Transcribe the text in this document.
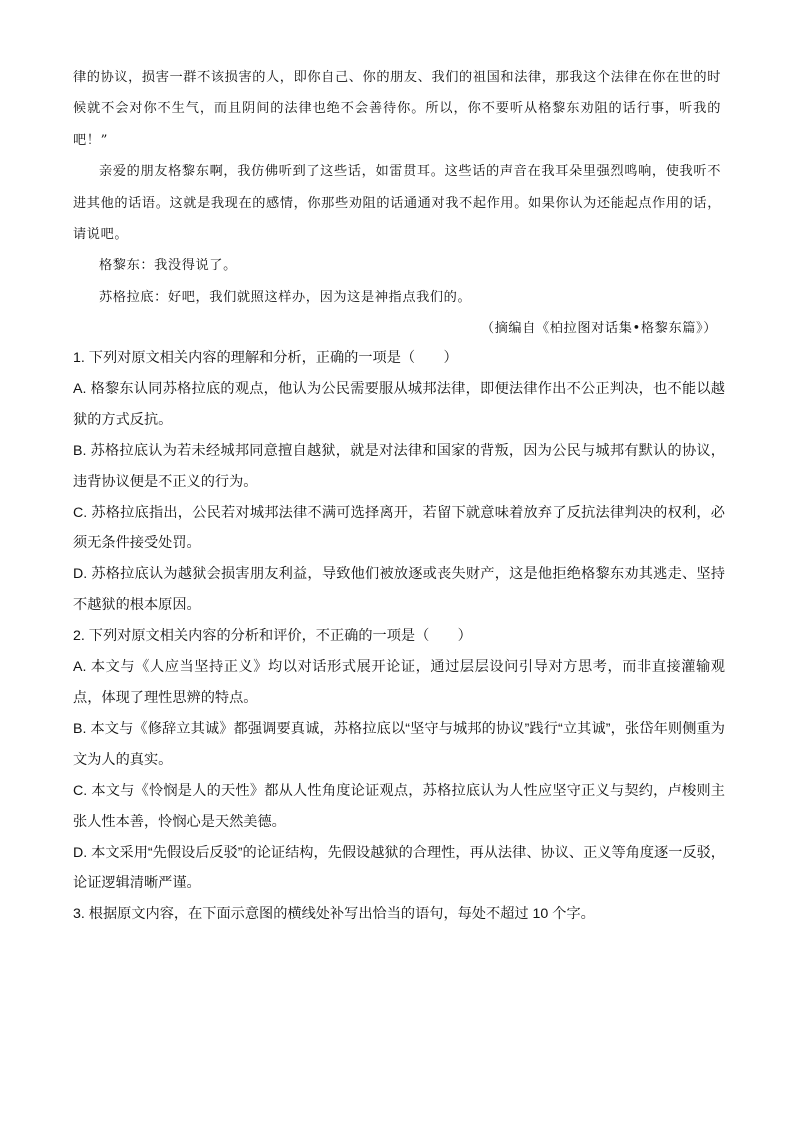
律的协议，损害一群不该损害的人，即你自己、你的朋友、我们的祖国和法律，那我这个法律在你在世的时候就不会对你不生气，而且阴间的法律也绝不会善待你。所以，你不要听从格黎东劝阻的话行事，听我的吧！”

亲爱的朋友格黎东啊，我仿佛听到了这些话，如雷贯耳。这些话的声音在我耳朵里强烈鸣响，使我听不进其他的话语。这就是我现在的感情，你那些劝阻的话通通对我不起作用。如果你认为还能起点作用的话，请说吧。

格黎东：我没得说了。

苏格拉底：好吧，我们就照这样办，因为这是神指点我们的。

（摘编自《柏拉图对话集•格黎东篇》）

1. 下列对原文相关内容的理解和分析，正确的一项是（　　）

A. 格黎东认同苏格拉底的观点，他认为公民需要服从城邦法律，即便法律作出不公正判决，也不能以越狱的方式反抗。

B. 苏格拉底认为若未经城邦同意擅自越狱，就是对法律和国家的背叛，因为公民与城邦有默认的协议，违背协议便是不正义的行为。

C. 苏格拉底指出，公民若对城邦法律不满可选择离开，若留下就意味着放弃了反抗法律判决的权利，必须无条件接受处罚。

D. 苏格拉底认为越狱会损害朋友利益，导致他们被放逐或丧失财产，这是他拒绝格黎东劝其逃走、坚持不越狱的根本原因。

2. 下列对原文相关内容的分析和评价，不正确的一项是（　　）

A. 本文与《人应当坚持正义》均以对话形式展开论证，通过层层设问引导对方思考，而非直接灌输观点，体现了理性思辨的特点。

B. 本文与《修辞立其诚》都强调要真诚，苏格拉底以“坚守与城邦的协议”践行“立其诚”，张岱年则侧重为文为人的真实。

C. 本文与《怜悯是人的天性》都从人性角度论证观点，苏格拉底认为人性应坚守正义与契约，卢梭则主张人性本善，怜悯心是天然美德。

D. 本文采用“先假设后反驳”的论证结构，先假设越狱的合理性，再从法律、协议、正义等角度逐一反驳，论证逻辑清晰严谨。

3. 根据原文内容，在下面示意图的横线处补写出恰当的语句，每处不超过 10 个字。
